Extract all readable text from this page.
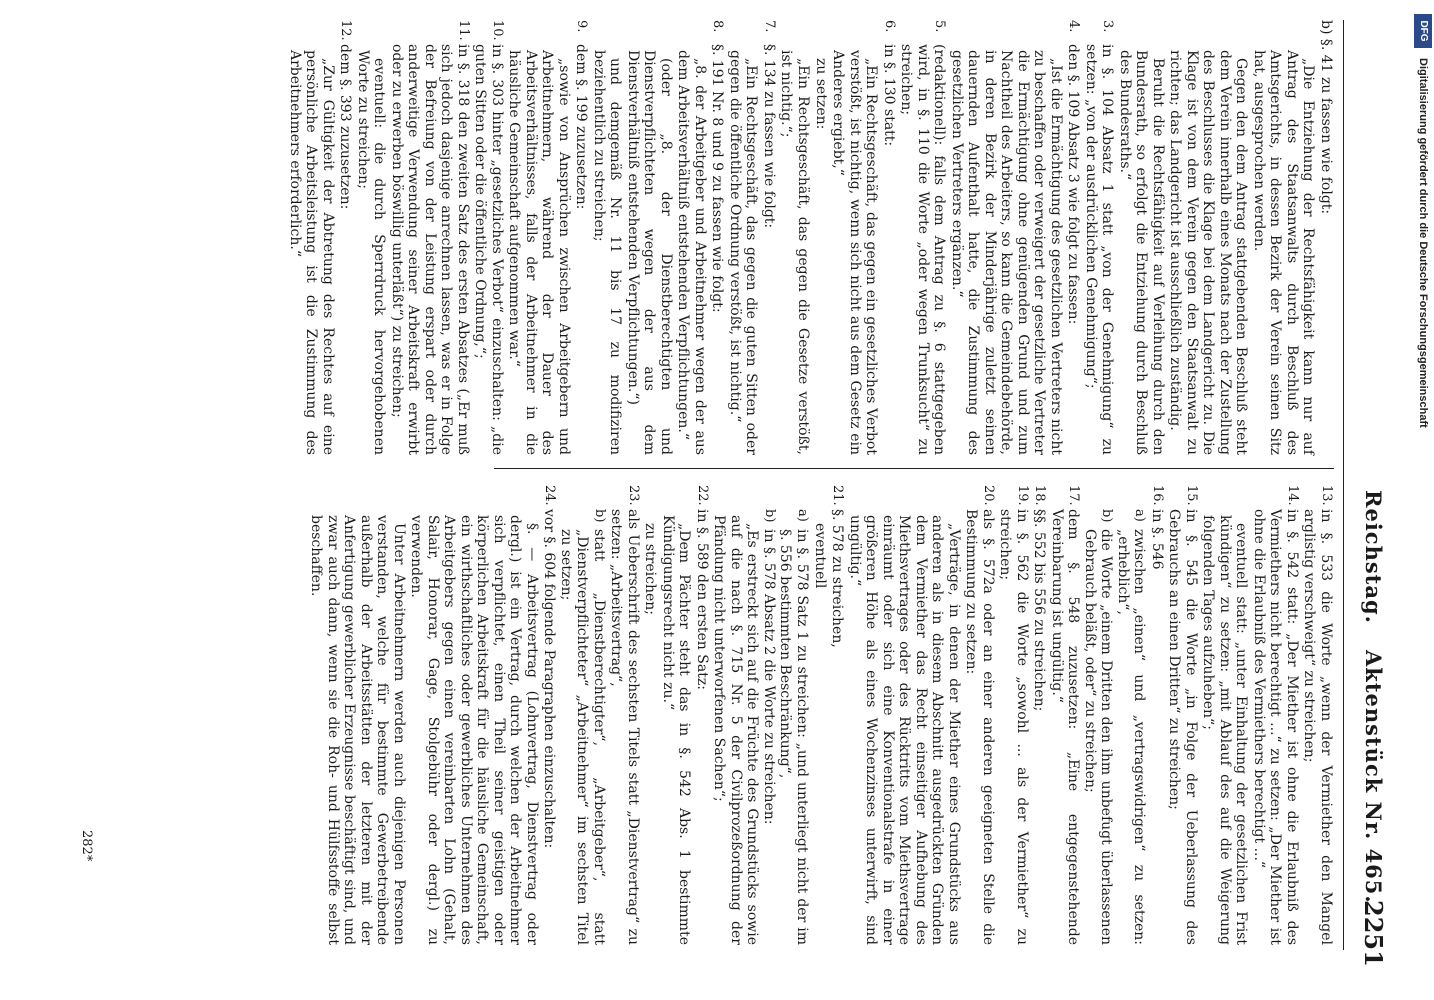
Reichstag.
Aktenstück Nr. 465.
2251
b) §. 41 zu fassen wie folgt:
„Die Entziehung der Rechtsfähigkeit kann nur auf Antrag des Staatsanwalts durch Beschluß des Amtsgerichts, in dessen Bezirk der Verein seinen Sitz hat, ausgesprochen werden.
Gegen den dem Antrag stattgebenden Beschluß steht dem Verein innerhalb eines Monats nach der Zustellung des Beschlusses die Klage bei dem Landgericht zu. Die Klage ist von dem Verein gegen den Staatsanwalt zu richten; das Landgericht ist ausschließlich zuständig.
Beruht die Rechtsfähigkeit auf Verleihung durch den Bundesrath, so erfolgt die Entziehung durch Beschluß des Bundesraths.“
3.
in §. 104 Absatz 1 statt „von der Genehmigung“ zu setzen: „von der ausdrücklichen Genehmigung“;
4.
den §. 109 Absatz 3 wie folgt zu fassen:
„Ist die Ermächtigung des gesetzlichen Vertreters nicht zu beschaffen oder verweigert der gesetzliche Vertreter die Ermächtigung ohne genügenden Grund und zum Nachtheil des Arbeiters, so kann die Gemeindebehörde, in deren Bezirk der Minderjährige zuletzt seinen dauernden Aufenthalt hatte, die Zustimmung des gesetzlichen Vertreters ergänzen.“
5.
(redaktionell): falls dem Antrag zu §. 6 stattgegeben wird, in §. 110 die Worte „oder wegen Trunksucht“ zu streichen;
6.
in §. 130 statt:
„Ein Rechtsgeschäft, das gegen ein gesetzliches Verbot verstößt, ist nichtig, wenn sich nicht aus dem Gesetz ein Anderes ergiebt,“
zu setzen:
„Ein Rechtsgeschäft, das gegen die Gesetze verstößt, ist nichtig.“;
7.
§. 134 zu fassen wie folgt:
„Ein Rechtsgeschäft, das gegen die guten Sitten oder gegen die öffentliche Ordnung verstößt, ist nichtig.“
8.
§. 191 Nr. 8 und 9 zu fassen wie folgt:
„8. der Arbeitgeber und Arbeitnehmer wegen der aus dem Arbeitsverhältniß entstehenden Verpflichtungen.“
(oder „8. der Dienstberechtigten und Dienstverpflichteten wegen der aus dem Dienstverhältniß entstehenden Verpflichtungen.“)
und demgemäß Nr. 11 bis 17 zu modifiziren beziehentlich zu streichen;
9.
dem §. 199 zuzusetzen:
„sowie von Ansprüchen zwischen Arbeitgebern und Arbeitnehmern, während der Dauer des Arbeitsverhältnisses, falls der Arbeitnehmer in die häusliche Gemeinschaft aufgenommen war.“
10.
in §. 303 hinter „gesetzliches Verbot“ einzuschalten: „die guten Sitten oder die öffentliche Ordnung,“;
11.
in §. 318 den zweiten Satz des ersten Absatzes („Er muß sich jedoch dasjenige anrechnen lassen, was er in Folge der Befreiung von der Leistung erspart oder durch anderweitige Verwendung seiner Arbeitskraft erwirbt oder zu erwerben böswillig unterläßt“) zu streichen;
eventuell: die durch Sperrdruck hervorgehobenen Worte zu streichen;
12.
dem §. 393 zuzusetzen:
„Zur Gültigkeit der Abtretung des Rechtes auf eine persönliche Arbeitsleistung ist die Zustimmung des Arbeitnehmers erforderlich.“
13.
in §. 533 die Worte „wenn der Vermiether den Mangel arglistig verschweigt“ zu streichen;
14.
in §. 542 statt: „Der Miether ist ohne die Erlaubniß des Vermiethers nicht berechtigt ...“ zu setzen: „Der Miether ist ohne die Erlaubniß des Vermiethers berechtigt ...“
eventuell statt: „unter Einhaltung der gesetzlichen Frist kündigen“ zu setzen: „mit Ablauf des auf die Weigerung folgenden Tages aufzuheben“;
15.
in §. 545 die Worte „in Folge der Ueberlassung des Gebrauchs an einen Dritten“ zu streichen;
16.
in §. 546
a)
zwischen „einen“ und „vertragswidrigen“ zu setzen: „erheblich“,
b)
die Worte „einem Dritten den ihm unbefugt überlassenen Gebrauch beläßt, oder“ zu streichen;
17.
dem §. 548 zuzusetzen: „Eine entgegenstehende Vereinbarung ist ungültig.“
18.
§§. 552 bis 556 zu streichen;
19.
in §. 562 die Worte „sowohl ... als der Vermiether“ zu streichen;
20.
als §. 572a oder an einer anderen geeigneten Stelle die Bestimmung zu setzen:
„Verträge, in denen der Miether eines Grundstücks aus anderen als in diesem Abschnitt ausgedrückten Gründen dem Vermiether das Recht einseitiger Aufhebung des Miethsvertrages oder des Rücktritts vom Miethsvertrage einräumt oder sich eine Konventionalstrafe in einer größeren Höhe als eines Wochenzinses unterwirft, sind ungültig.“
21.
§. 578 zu streichen,
eventuell
a)
in §. 578 Satz 1 zu streichen: „und unterliegt nicht der im §. 556 bestimmten Beschränkung“,
b)
in §. 578 Absatz 2 die Worte zu streichen:
„Es erstreckt sich auf die Früchte des Grundstücks sowie auf die nach §. 715 Nr. 5 der Civilprozeßordnung der Pfändung nicht unterworfenen Sachen“;
22.
in §. 589 den ersten Satz:
„Dem Pächter steht das in §. 542 Abs. 1 bestimmte Kündigungsrecht nicht zu.“
zu streichen;
23.
als Ueberschrift des sechsten Titels statt „Dienstvertrag“ zu setzen: „Arbeitsvertrag“,
b)
statt „Dienstberechtigter“, „Arbeitgeber“, statt „Dienstverpflichteter“ „Arbeitnehmer“ im sechsten Titel zu setzen;
24.
vor §. 604 folgende Paragraphen einzuschalten:
§. — Arbeitsvertrag (Lohnvertrag, Dienstvertrag oder dergl.) ist ein Vertrag, durch welchen der Arbeitnehmer sich verpflichtet, einen Theil seiner geistigen oder körperlichen Arbeitskraft für die häusliche Gemeinschaft, ein wirthschaftliches oder gewerbliches Unternehmen des Arbeitgebers gegen einen vereinbarten Lohn (Gehalt, Salair, Honorar, Gage, Stolgebühr oder dergl.) zu verwenden.
Unter Arbeitnehmern werden auch diejenigen Personen verstanden, welche für bestimmte Gewerbetreibende außerhalb der Arbeitsstätten der letzteren mit der Anfertigung gewerblicher Erzeugnisse beschäftigt sind, und zwar auch dann, wenn sie die Roh- und Hülfsstoffe selbst beschaffen.
282*
DFG
Digitalisierung gefördert durch die Deutsche Forschungsgemeinschaft
